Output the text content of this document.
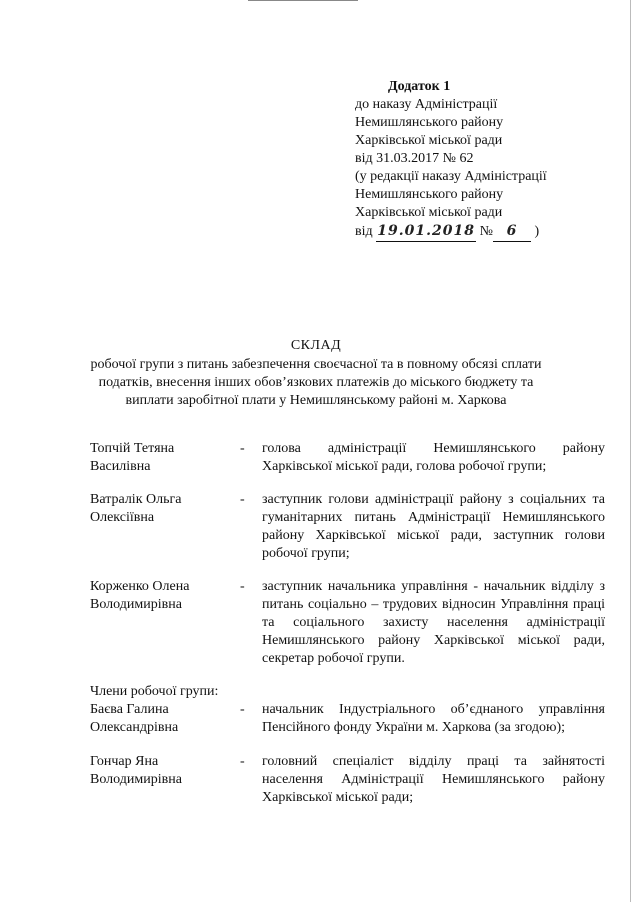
Додаток 1
до наказу Адміністрації
Немишлянського району
Харківської міської ради
від 31.03.2017 № 62
(у редакції наказу Адміністрації
Немишлянського району
Харківської міської ради
від 19.01.2018 № 6 )
СКЛАД
робочої групи з питань забезпечення своєчасної та в повному обсязі сплати
податків, внесення інших обов’язкових платежів до міського бюджету та
виплати заробітної плати у Немишлянському районі м. Харкова
Топчій Тетяна Василівна
- голова адміністрації Немишлянського району Харківської міської ради, голова робочої групи;
Ватралік Ольга Олексіївна
- заступник голови адміністрації району з соціальних та гуманітарних питань Адміністрації Немишлянського району Харківської міської ради, заступник голови робочої групи;
Корженко Олена Володимирівна
- заступник начальника управління - начальник відділу з питань соціально – трудових відносин Управління праці та соціального захисту населення адміністрації Немишлянського району Харківської міської ради, секретар робочої групи.
Члени робочої групи:
Баєва Галина Олександрівна
- начальник Індустріального об’єднаного управління Пенсійного фонду України м. Харкова (за згодою);
Гончар Яна Володимирівна
- головний спеціаліст відділу праці та зайнятості населення Адміністрації Немишлянського району Харківської міської ради;
